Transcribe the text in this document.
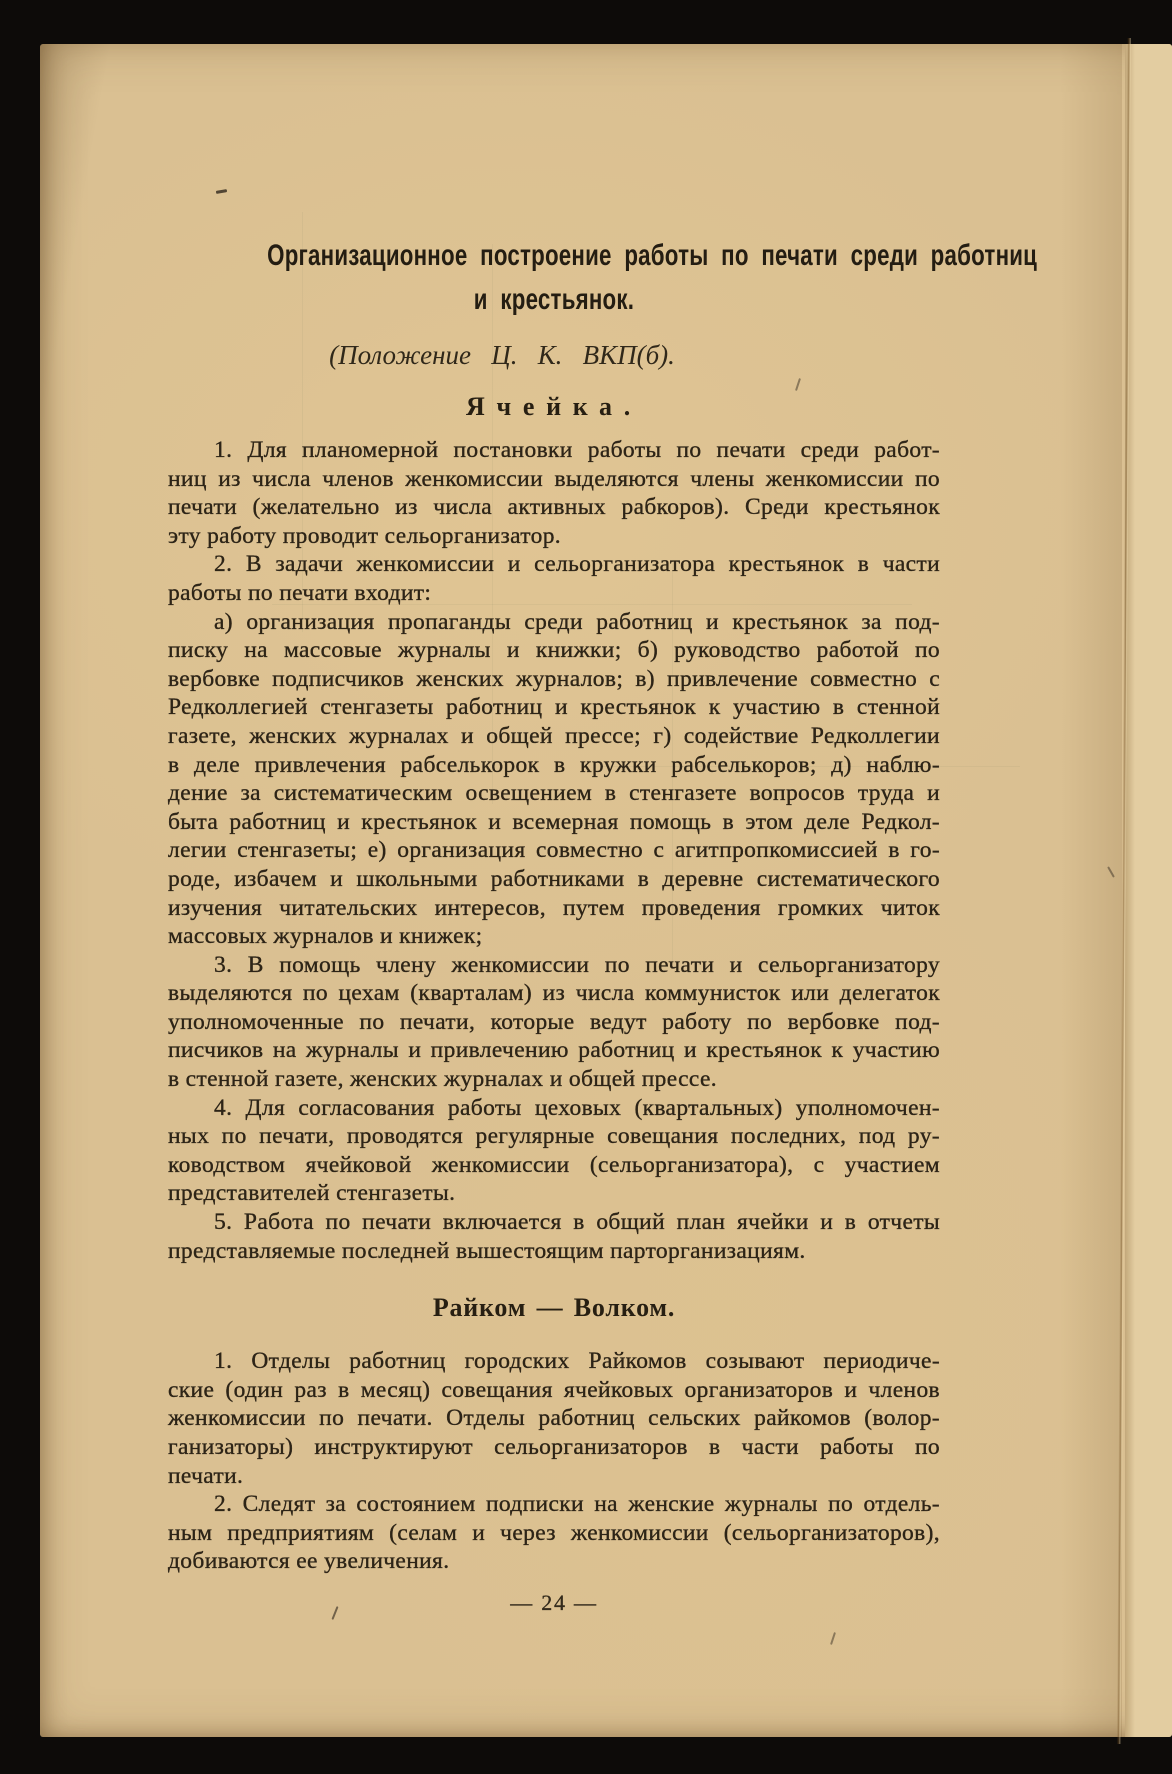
Организационное построение работы по печати среди работниц
и крестьянок.
(Положение Ц. К. ВКП(б).
Ячейка.
1. Для планомерной постановки работы по печати среди работ-
ниц из числа членов женкомиссии выделяются члены женкомиссии по
печати (желательно из числа активных рабкоров). Среди крестьянок
эту работу проводит сельорганизатор.
2. В задачи женкомиссии и сельорганизатора крестьянок в части
работы по печати входит:
а) организация пропаганды среди работниц и крестьянок за под-
писку на массовые журналы и книжки; б) руководство работой по
вербовке подписчиков женских журналов; в) привлечение совместно с
Редколлегией стенгазеты работниц и крестьянок к участию в стенной
газете, женских журналах и общей прессе; г) содействие Редколлегии
в деле привлечения рабселькорок в кружки рабселькоров; д) наблю-
дение за систематическим освещением в стенгазете вопросов труда и
быта работниц и крестьянок и всемерная помощь в этом деле Редкол-
легии стенгазеты; е) организация совместно с агитпропкомиссией в го-
роде, избачем и школьными работниками в деревне систематического
изучения читательских интересов, путем проведения громких читок
массовых журналов и книжек;
3. В помощь члену женкомиссии по печати и сельорганизатору
выделяются по цехам (кварталам) из числа коммунисток или делегаток
уполномоченные по печати, которые ведут работу по вербовке под-
писчиков на журналы и привлечению работниц и крестьянок к участию
в стенной газете, женских журналах и общей прессе.
4. Для согласования работы цеховых (квартальных) уполномочен-
ных по печати, проводятся регулярные совещания последних, под ру-
ководством ячейковой женкомиссии (сельорганизатора), с участием
представителей стенгазеты.
5. Работа по печати включается в общий план ячейки и в отчеты
представляемые последней вышестоящим парторганизациям.
Райком — Волком.
1. Отделы работниц городских Райкомов созывают периодиче-
ские (один раз в месяц) совещания ячейковых организаторов и членов
женкомиссии по печати. Отделы работниц сельских райкомов (волор-
ганизаторы) инструктируют сельорганизаторов в части работы по
печати.
2. Следят за состоянием подписки на женские журналы по отдель-
ным предприятиям (селам и через женкомиссии (сельорганизаторов),
добиваются ее увеличения.
— 24 —
